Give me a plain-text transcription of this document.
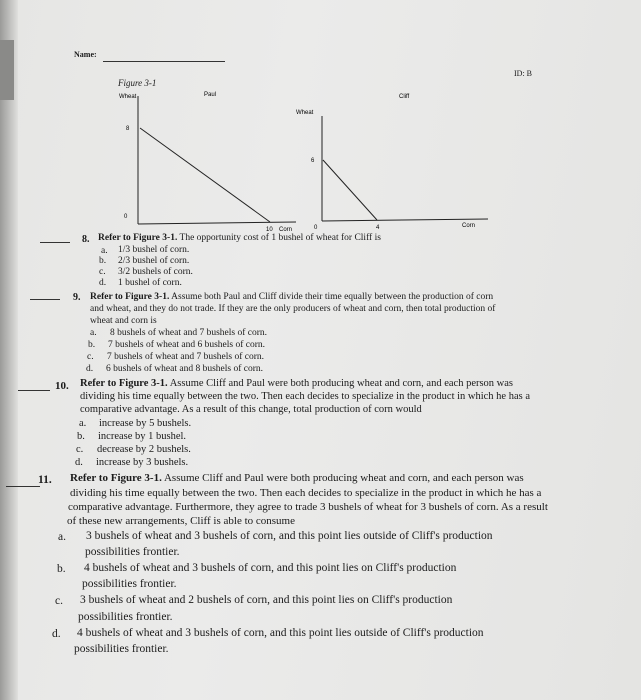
Name:
ID: B
Figure 3-1
Wheat	Paul
8
0
10 Corn
Wheat
Cliff
6
0	4	Corn
8. Refer to Figure 3-1. The opportunity cost of 1 bushel of wheat for Cliff is
a. 1/3 bushel of corn.
b. 2/3 bushel of corn.
c. 3/2 bushels of corn.
d. 1 bushel of corn.
9. Refer to Figure 3-1. Assume both Paul and Cliff divide their time equally between the production of corn
and wheat, and they do not trade. If they are the only producers of wheat and corn, then total production of
wheat and corn is
a. 8 bushels of wheat and 7 bushels of corn.
b. 7 bushels of wheat and 6 bushels of corn.
c. 7 bushels of wheat and 7 bushels of corn.
d. 6 bushels of wheat and 8 bushels of corn.
10. Refer to Figure 3-1. Assume Cliff and Paul were both producing wheat and corn, and each person was
dividing his time equally between the two. Then each decides to specialize in the product in which he has a
comparative advantage. As a result of this change, total production of corn would
a. increase by 5 bushels.
b. increase by 1 bushel.
c. decrease by 2 bushels.
d. increase by 3 bushels.
11. Refer to Figure 3-1. Assume Cliff and Paul were both producing wheat and corn, and each person was
dividing his time equally between the two. Then each decides to specialize in the product in which he has a
comparative advantage. Furthermore, they agree to trade 3 bushels of wheat for 3 bushels of corn. As a result
of these new arrangements, Cliff is able to consume
a. 3 bushels of wheat and 3 bushels of corn, and this point lies outside of Cliff's production
possibilities frontier.
b. 4 bushels of wheat and 3 bushels of corn, and this point lies on Cliff's production
possibilities frontier.
c. 3 bushels of wheat and 2 bushels of corn, and this point lies on Cliff's production
possibilities frontier.
d. 4 bushels of wheat and 3 bushels of corn, and this point lies outside of Cliff's production
possibilities frontier.
